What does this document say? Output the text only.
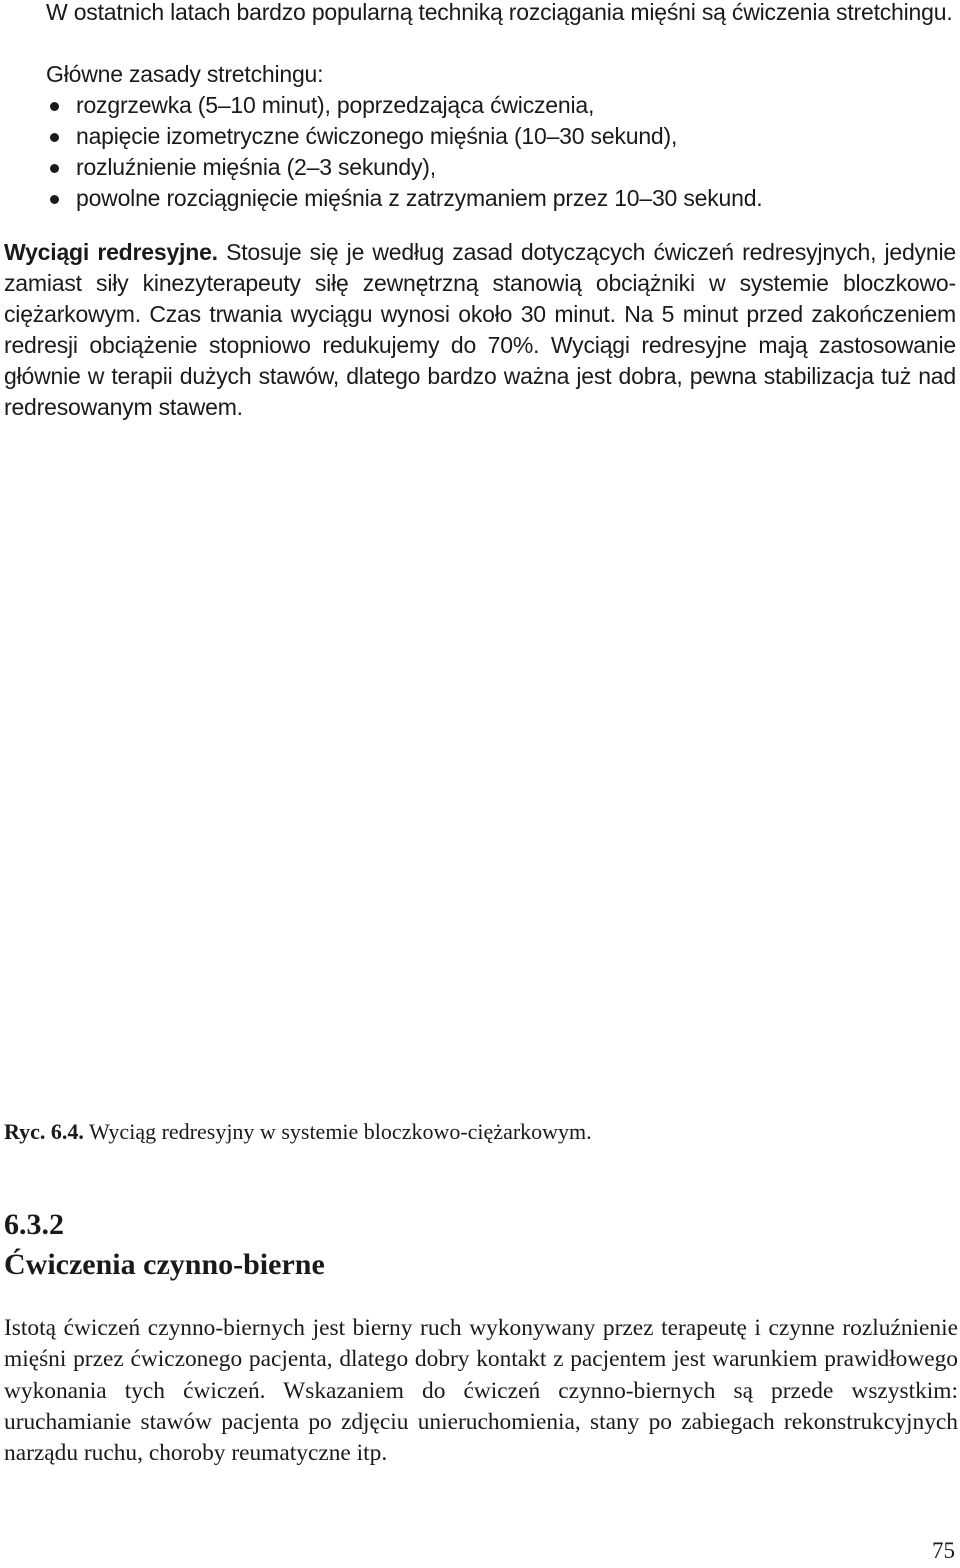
W ostatnich latach bardzo popularną techniką rozciągania mięśni są ćwiczenia stretchingu.

Główne zasady stretchingu:

rozgrzewka (5–10 minut), poprzedzająca ćwiczenia,
napięcie izometryczne ćwiczonego mięśnia (10–30 sekund),
rozluźnienie mięśnia (2–3 sekundy),
powolne rozciągnięcie mięśnia z zatrzymaniem przez 10–30 sekund.

Wyciągi redresyjne. Stosuje się je według zasad dotyczących ćwiczeń redresyjnych, jedynie zamiast siły kinezyterapeuty siłę zewnętrzną stanowią obciążniki w systemie bloczkowo-ciężarkowym. Czas trwania wyciągu wynosi około 30 minut. Na 5 minut przed zakończeniem redresji obciążenie stopniowo redukujemy do 70%. Wyciągi redresyjne mają zastosowanie głównie w terapii dużych stawów, dlatego bardzo ważna jest dobra, pewna stabilizacja tuż nad redresowanym stawem.

Ryc. 6.4. Wyciąg redresyjny w systemie bloczkowo-ciężarkowym.

6.3.2
Ćwiczenia czynno-bierne

Istotą ćwiczeń czynno-biernych jest bierny ruch wykonywany przez terapeutę i czynne rozluźnienie mięśni przez ćwiczonego pacjenta, dlatego dobry kontakt z pacjentem jest warunkiem prawidłowego wykonania tych ćwiczeń. Wskazaniem do ćwiczeń czynno-biernych są przede wszystkim: uruchamianie stawów pacjenta po zdjęciu unieruchomienia, stany po zabiegach rekonstrukcyjnych narządu ruchu, choroby reumatyczne itp.

75
